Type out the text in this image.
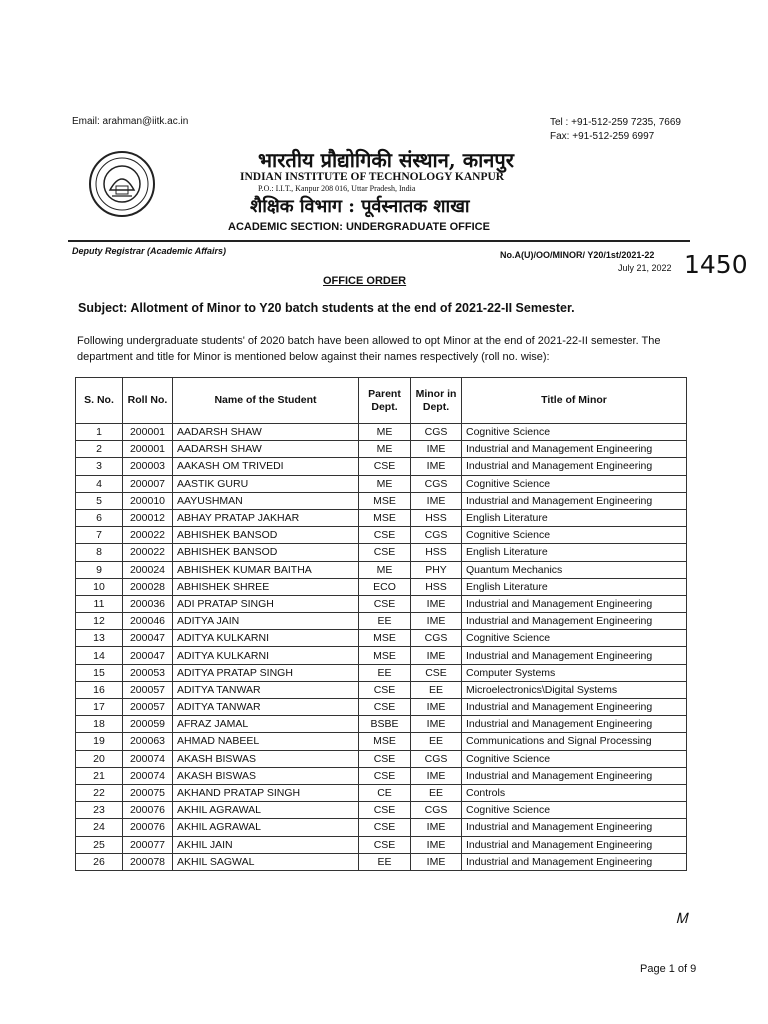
Email: arahman@iitk.ac.in	Tel : +91-512-259 7235, 7669
Fax: +91-512-259 6997
भारतीय प्रौद्योगिकी संस्थान, कानपुर
INDIAN INSTITUTE OF TECHNOLOGY KANPUR
P.O.: I.I.T., Kanpur 208 016, Uttar Pradesh, India
शैक्षिक विभाग : पूर्वस्नातक शाखा
ACADEMIC SECTION: UNDERGRADUATE OFFICE
Deputy Registrar (Academic Affairs)	No.A(U)/OO/MINOR/ Y20/1st/2021-22
July 21, 2022 1450
OFFICE ORDER
Subject: Allotment of Minor to Y20 batch students at the end of 2021-22-II Semester.
Following undergraduate students' of 2020 batch have been allowed to opt Minor at the end of 2021-22-II semester. The department and title for Minor is mentioned below against their names respectively (roll no. wise):
S. No.	Roll No.	Name of the Student	Parent Dept.	Minor in Dept.	Title of Minor
1	200001	AADARSH SHAW	ME	CGS	Cognitive Science
2	200001	AADARSH SHAW	ME	IME	Industrial and Management Engineering
3	200003	AAKASH OM TRIVEDI	CSE	IME	Industrial and Management Engineering
4	200007	AASTIK GURU	ME	CGS	Cognitive Science
5	200010	AAYUSHMAN	MSE	IME	Industrial and Management Engineering
6	200012	ABHAY PRATAP JAKHAR	MSE	HSS	English Literature
7	200022	ABHISHEK BANSOD	CSE	CGS	Cognitive Science
8	200022	ABHISHEK BANSOD	CSE	HSS	English Literature
9	200024	ABHISHEK KUMAR BAITHA	ME	PHY	Quantum Mechanics
10	200028	ABHISHEK SHREE	ECO	HSS	English Literature
11	200036	ADI PRATAP SINGH	CSE	IME	Industrial and Management Engineering
12	200046	ADITYA JAIN	EE	IME	Industrial and Management Engineering
13	200047	ADITYA KULKARNI	MSE	CGS	Cognitive Science
14	200047	ADITYA KULKARNI	MSE	IME	Industrial and Management Engineering
15	200053	ADITYA PRATAP SINGH	EE	CSE	Computer Systems
16	200057	ADITYA TANWAR	CSE	EE	Microelectronics\Digital Systems
17	200057	ADITYA TANWAR	CSE	IME	Industrial and Management Engineering
18	200059	AFRAZ JAMAL	BSBE	IME	Industrial and Management Engineering
19	200063	AHMAD NABEEL	MSE	EE	Communications and Signal Processing
20	200074	AKASH BISWAS	CSE	CGS	Cognitive Science
21	200074	AKASH BISWAS	CSE	IME	Industrial and Management Engineering
22	200075	AKHAND PRATAP SINGH	CE	EE	Controls
23	200076	AKHIL AGRAWAL	CSE	CGS	Cognitive Science
24	200076	AKHIL AGRAWAL	CSE	IME	Industrial and Management Engineering
25	200077	AKHIL JAIN	CSE	IME	Industrial and Management Engineering
26	200078	AKHIL SAGWAL	EE	IME	Industrial and Management Engineering
Ꮇ
Page 1 of 9
